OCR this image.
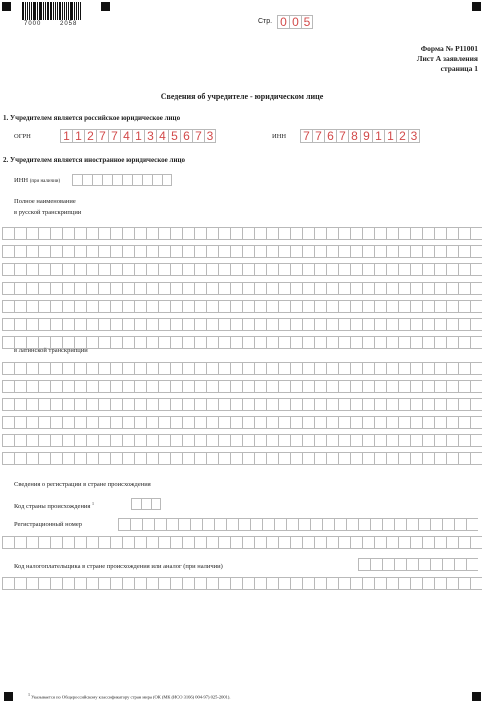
7000	2058	Стр. 0 0 5
Форма № Р11001
Лист А заявления
страница 1
Сведения об учредителе - юридическом лице
1. Учредителем является российское юридическое лицо
ОГРН	1 1 2 7 7 4 1 3 4 5 6 7 3	ИНН 7 7 6 7 8 9 1 1 2 3
2. Учредителем является иностранное юридическое лицо
ИНН (при наличии)
Полное наименование
в русской транскрипции
в латинской транскрипции
Сведения о регистрации в стране происхождения
Код страны происхождения $^1$
Регистрационный номер
Код налогоплательщика в стране происхождения или аналог (при наличии)
$^1$ Указывается по Общероссийскому классификатору стран мира (ОК (МК (ИСО 3166) 004-97) 025-2001).
